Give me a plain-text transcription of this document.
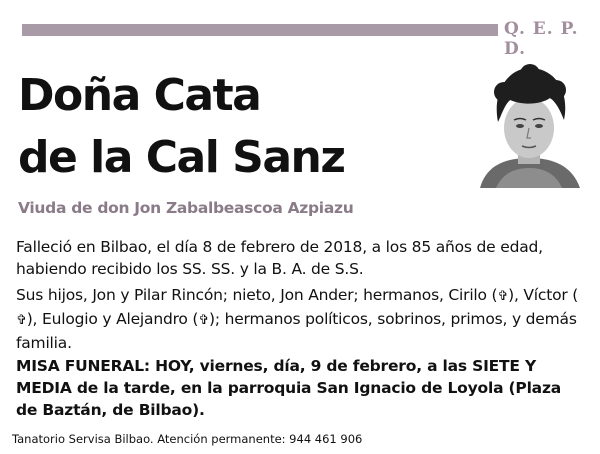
Q. E. P. D.
Doña Cata
de la Cal Sanz
Viuda de don Jon Zabalbeascoa Azpiazu
Falleció en Bilbao, el día 8 de febrero de 2018, a los 85 años de edad, habiendo recibido los SS. SS. y la B. A. de S.S.
Sus hijos, Jon y Pilar Rincón; nieto, Jon Ander; hermanos, Cirilo (✞), Víctor (✞), Eulogio y Alejandro (✞); hermanos políticos, sobrinos, primos, y demás familia.
MISA FUNERAL: HOY, viernes, día, 9 de febrero, a las SIETE Y MEDIA de la tarde, en la parroquia San Ignacio de Loyola (Plaza de Baztán, de Bilbao).
Tanatorio Servisa Bilbao. Atención permanente: 944 461 906
